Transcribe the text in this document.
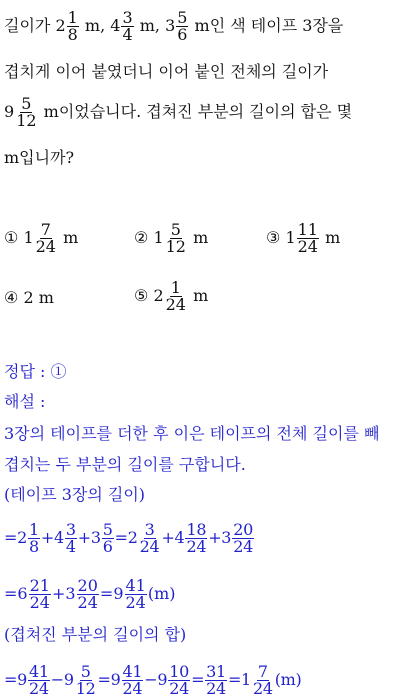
길이가 $2 \frac{1}{8} m$, $4 \frac{3}{4} m$, $3 \frac{5}{6}$ m인 색 테이프 3장을
겹치게 이어 붙였더니 이어 붙인 전체의 길이가
$9 \frac{5}{12}$ m이었습니다. 겹쳐진 부분의 길이의 합은 몇
m입니까?
① $1 \frac{7}{24}$ m	② $1 \frac{5}{12}$ m	③ $1 \frac{11}{24}$ m
④ 2 m	⑤ $2 \frac{1}{24}$ m
정답 : ①
해설 :
3장의 테이프를 더한 후 이은 테이프의 전체 길이를 빼
겹치는 두 부분의 길이를 구합니다.
(테이프 3장의 길이)
$=2 \frac{1}{8} +4 \frac{3}{4} +3 \frac{5}{6} =2 \frac{3}{24} +4 \frac{18}{24} +3 \frac{20}{24}$
$=6 \frac{21}{24} +3 \frac{20}{24} =9 \frac{41}{24} (m)$
(겹쳐진 부분의 길이의 합)
$=9 \frac{41}{24} -9 \frac{5}{12} =9 \frac{41}{24} -9 \frac{10}{24} = \frac{31}{24} =1 \frac{7}{24} (m)$
